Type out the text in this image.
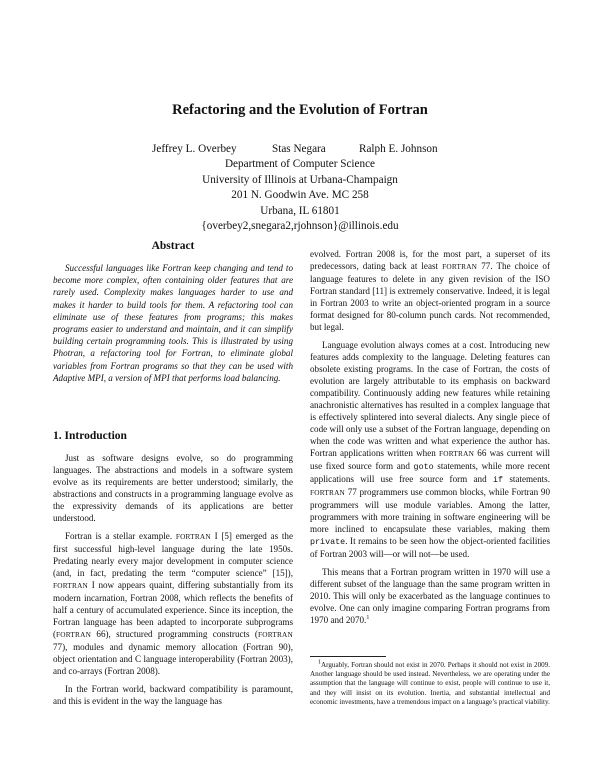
Refactoring and the Evolution of Fortran
Jeffrey L. Overbey	Stas Negara	Ralph E. Johnson
Department of Computer Science
University of Illinois at Urbana-Champaign
201 N. Goodwin Ave. MC 258
Urbana, IL 61801
{overbey2,snegara2,rjohnson}@illinois.edu
Abstract

Successful languages like Fortran keep changing and tend to become more complex, often containing older features that are rarely used. Complexity makes languages harder to use and makes it harder to build tools for them. A refactoring tool can eliminate use of these features from programs; this makes programs easier to understand and maintain, and it can simplify building certain programming tools. This is illustrated by using Photran, a refactoring tool for Fortran, to eliminate global variables from Fortran programs so that they can be used with Adaptive MPI, a version of MPI that performs load balancing.

1. Introduction

Just as software designs evolve, so do programming languages. The abstractions and models in a software system evolve as its requirements are better understood; similarly, the abstractions and constructs in a programming language evolve as the expressivity demands of its applications are better understood.

Fortran is a stellar example. FORTRAN I [5] emerged as the first successful high-level language during the late 1950s. Predating nearly every major development in computer science (and, in fact, predating the term “computer science” [15]), FORTRAN I now appears quaint, differing substantially from its modern incarnation, Fortran 2008, which reflects the benefits of half a century of accumulated experience. Since its inception, the Fortran language has been adapted to incorporate subprograms (FORTRAN 66), structured programming constructs (FORTRAN 77), modules and dynamic memory allocation (Fortran 90), object orientation and C language interoperability (Fortran 2003), and co-arrays (Fortran 2008).

In the Fortran world, backward compatibility is paramount, and this is evident in the way the language has

evolved. Fortran 2008 is, for the most part, a superset of its predecessors, dating back at least FORTRAN 77. The choice of language features to delete in any given revision of the ISO Fortran standard [11] is extremely conservative. Indeed, it is legal in Fortran 2003 to write an object-oriented program in a source format designed for 80-column punch cards. Not recommended, but legal.

Language evolution always comes at a cost. Introducing new features adds complexity to the language. Deleting features can obsolete existing programs. In the case of Fortran, the costs of evolution are largely attributable to its emphasis on backward compatibility. Continuously adding new features while retaining anachronistic alternatives has resulted in a complex language that is effectively splintered into several dialects. Any single piece of code will only use a subset of the Fortran language, depending on when the code was written and what experience the author has. Fortran applications written when FORTRAN 66 was current will use fixed source form and goto statements, while more recent applications will use free source form and if statements. FORTRAN 77 programmers use common blocks, while Fortran 90 programmers will use module variables. Among the latter, programmers with more training in software engineering will be more inclined to encapsulate these variables, making them private. It remains to be seen how the object-oriented facilities of Fortran 2003 will—or will not—be used.

This means that a Fortran program written in 1970 will use a different subset of the language than the same program written in 2010. This will only be exacerbated as the language continues to evolve. One can only imagine comparing Fortran programs from 1970 and 2070.$^1$

$^1$Arguably, Fortran should not exist in 2070. Perhaps it should not exist in 2009. Another language should be used instead. Nevertheless, we are operating under the assumption that the language will continue to exist, people will continue to use it, and they will insist on its evolution. Inertia, and substantial intellectual and economic investments, have a tremendous impact on a language’s practical viability.
